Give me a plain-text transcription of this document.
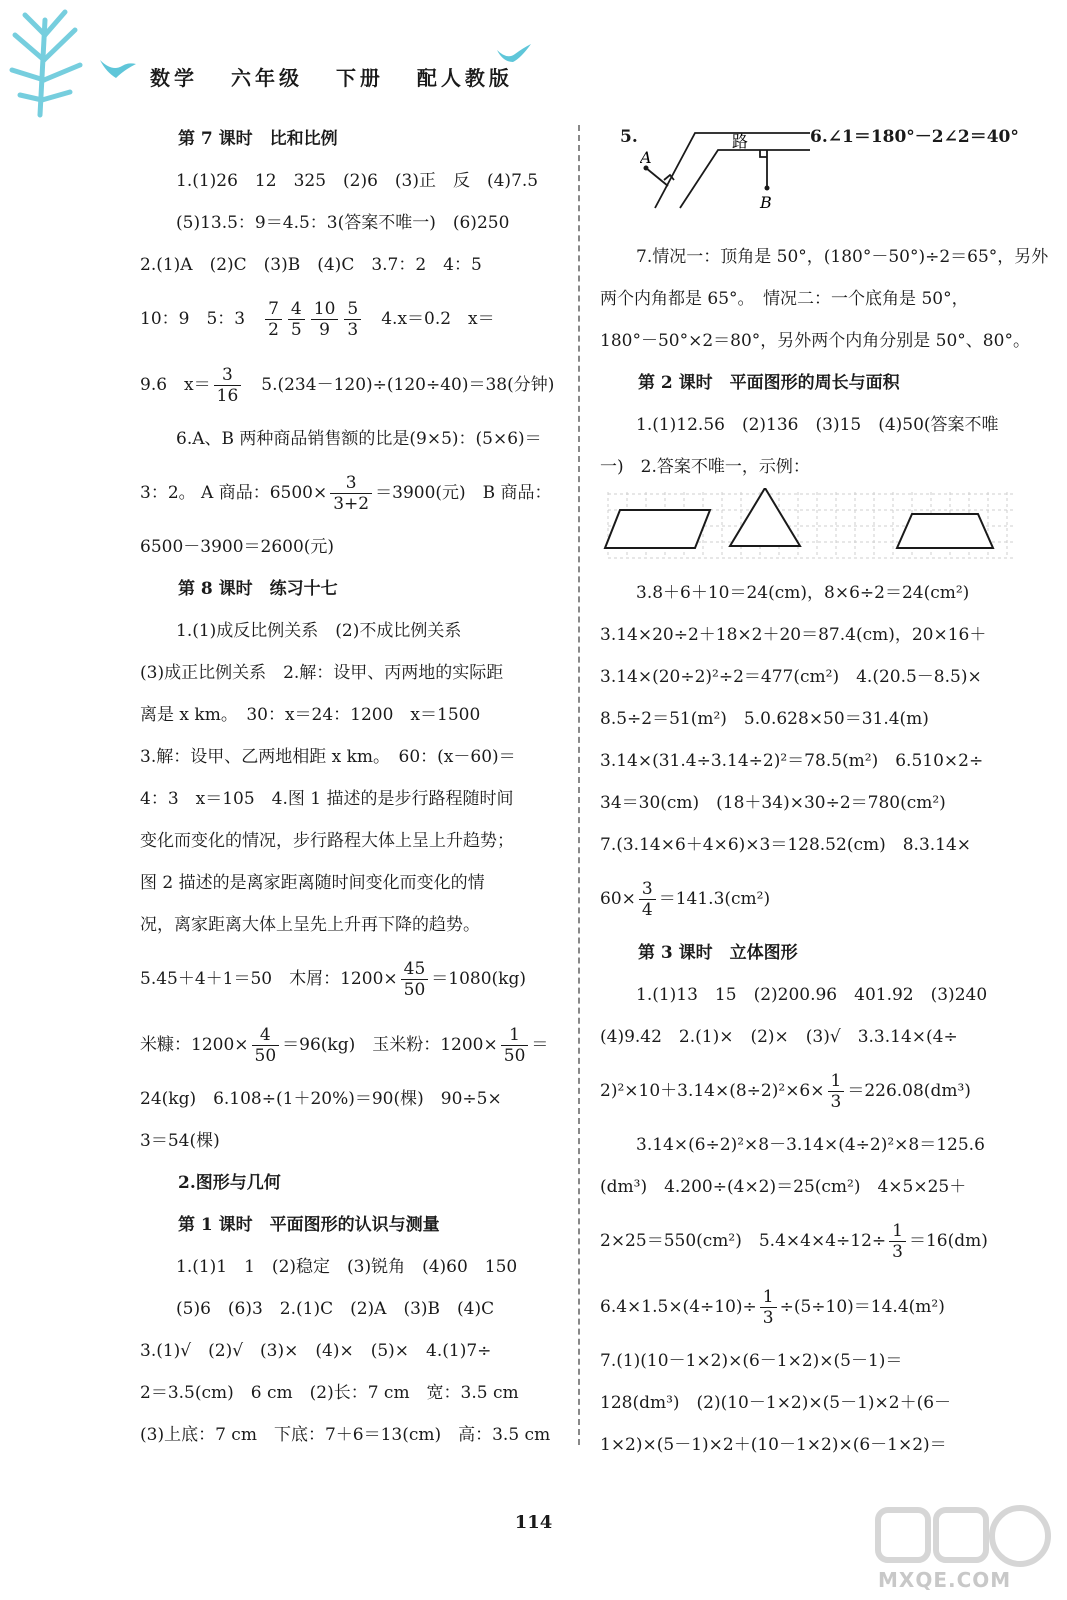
数学 六年级 下册 配人教版
第 7 课时　比和比例
1.(1)26　12　325　(2)6　(3)正　反　(4)7.5
(5)13.5：9＝4.5：3(答案不唯一)　(6)250
2.(1)A　(2)C　(3)B　(4)C　3.7：2　4：5
10：9　5：3　 $\frac{7}{2} \frac{4}{5} \frac{10}{9} \frac{5}{3}$ 　4.x＝0.2　x＝
9.6　$x= \frac{3}{16}$ 　5.(234－120)÷(120÷40)＝38(分钟)
6.A、B 两种商品销售额的比是(9×5)：(5×6)＝
3：2。 A 商品：$6500\times \frac{3}{3+2} =3900$(元)　B 商品：
6500－3900＝2600(元)
第 8 课时　练习十七
1.(1)成反比例关系　(2)不成比例关系
(3)成正比例关系　2.解：设甲、丙两地的实际距
离是 x km。　30：x＝24：1200　x＝1500
3.解：设甲、乙两地相距 x km。　60：(x－60)＝
4：3　x＝105　4.图 1 描述的是步行路程随时间
变化而变化的情况，步行路程大体上呈上升趋势；
图 2 描述的是离家距离随时间变化而变化的情
况，离家距离大体上呈先上升再下降的趋势。
5.45＋4＋1＝50　木屑：$1200\times \frac{45}{50} =1080(kg)$
米糠：$1200\times \frac{4}{50} =96(kg)$　玉米粉：$1200\times \frac{1}{50}$ ＝
24(kg)　6.108÷(1＋20%)＝90(棵)　90÷5×
3＝54(棵)
2.图形与几何
第 1 课时　平面图形的认识与测量
1.(1)1　1　(2)稳定　(3)锐角　(4)60　150
(5)6　(6)3　2.(1)C　(2)A　(3)B　(4)C
3.(1)√　(2)√　(3)×　(4)×　(5)×　4.(1)7÷
2＝3.5(cm)　6 cm　(2)长：7 cm　宽：3.5 cm
(3)上底：7 cm　下底：7＋6＝13(cm)　高：3.5 cm
5.
A
B
路	6.∠1＝180°－2∠2＝40°
7.情况一：顶角是 50°，(180°－50°)÷2＝65°，另外
两个内角都是 65°。　情况二：一个底角是 50°，
180°－50°×2＝80°，另外两个内角分别是 50°、80°。
第 2 课时　平面图形的周长与面积
1.(1)12.56　(2)136　(3)15　(4)50(答案不唯
一)　2.答案不唯一，示例：
3.8＋6＋10＝24(cm)，8×6÷2＝24(cm²)
3.14×20÷2＋18×2＋20＝87.4(cm)，20×16＋
3.14×(20÷2)²÷2＝477(cm²)　4.(20.5－8.5)×
8.5÷2＝51(m²)　5.0.628×50＝31.4(m)
3.14×(31.4÷3.14÷2)²＝78.5(m²)　6.510×2÷
34＝30(cm)　(18＋34)×30÷2＝780(cm²)
7.(3.14×6＋4×6)×3＝128.52(cm)　8.3.14×
$60\times \frac{3}{4} =141.3(cm^2)$
第 3 课时　立体图形
1.(1)13　15　(2)200.96　401.92　(3)240
(4)9.42　2.(1)×　(2)×　(3)√　3.3.14×(4÷
$2)^2\times 10+3.14\times(8\div 2)^2\times 6\times \frac{1}{3} =226.08(dm^3)$
3.14×(6÷2)²×8－3.14×(4÷2)²×8＝125.6
(dm³)　4.200÷(4×2)＝25(cm²)　4×5×25＋
2×25＝550(cm²)　$5.4\times 4\times 4\div 12\div \frac{1}{3} =16(dm)$
$6.4\times 1.5\times(4\div 10)\div \frac{1}{3} \div(5\div 10)=14.4(m^2)$
7.(1)(10－1×2)×(6－1×2)×(5－1)＝
128(dm³)　(2)(10－1×2)×(5－1)×2＋(6－
1×2)×(5－1)×2＋(10－1×2)×(6－1×2)＝
114
MXQE.COM
